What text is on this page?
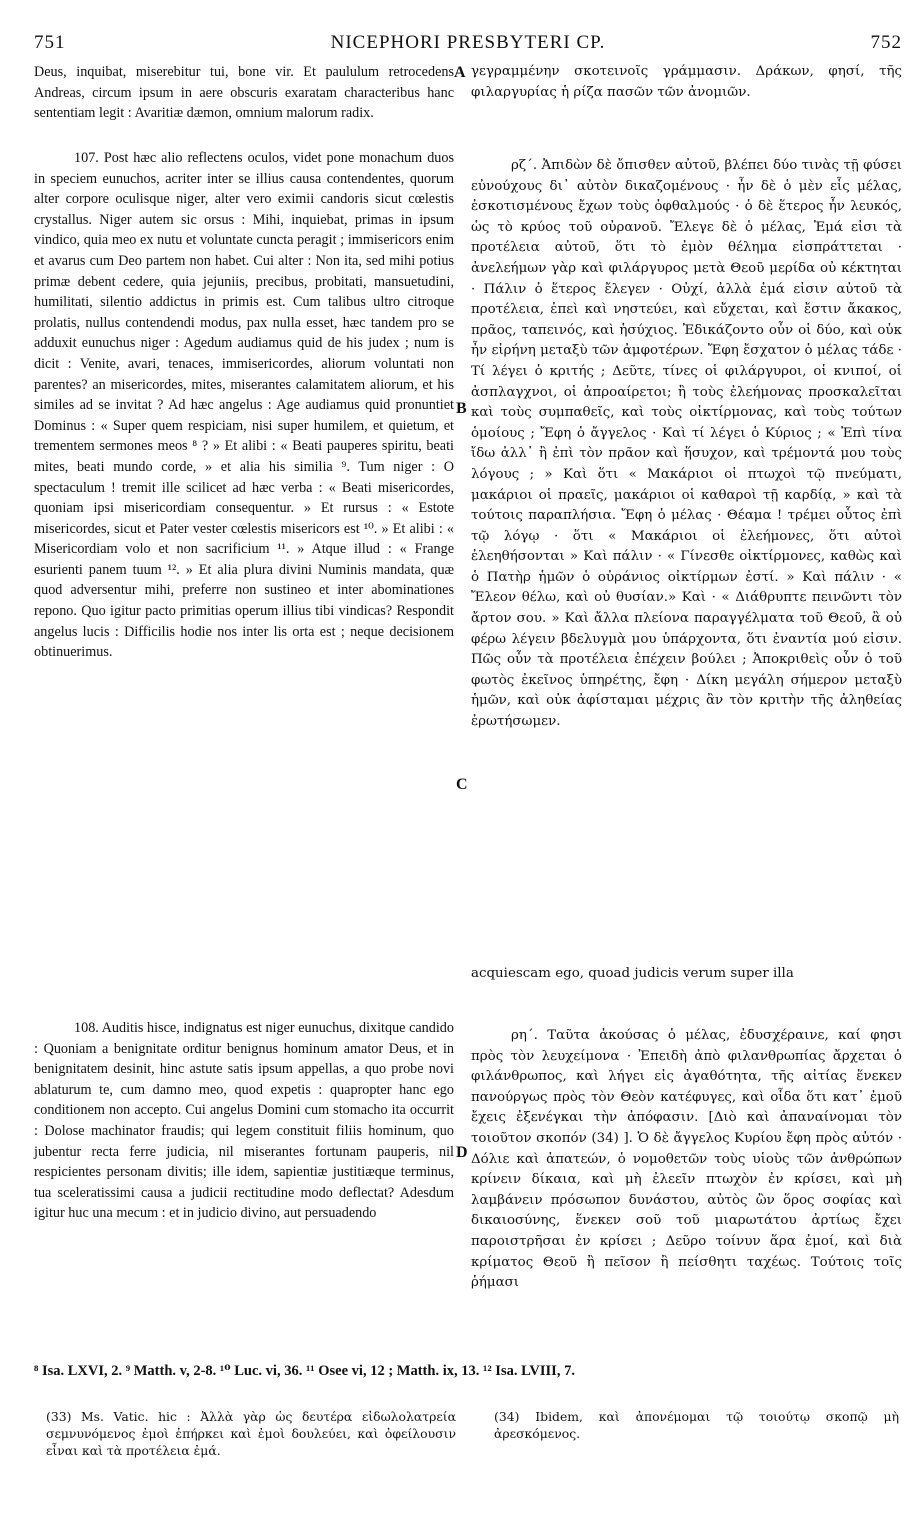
751	NICEPHORI PRESBYTERI CP.	752

Deus, inquibat, miserebitur tui, bone vir. Et paululum retrocedens Andreas, circum ipsum in aere obscuris exaratam characteribus hanc sententiam legit : Avaritiæ dæmon, omnium malorum radix.

γεγραμμένην σκοτεινοῖς γράμμασιν. Δράκων, φησί, τῆς φιλαργυρίας ἡ ρίζα πασῶν τῶν ἀνομιῶν.

A

107. Post hæc alio reflectens oculos, videt pone monachum duos in speciem eunuchos, acriter inter se illius causa contendentes, quorum alter corpore oculisque niger, alter vero eximii candoris sicut cœlestis crystallus. Niger autem sic orsus : Mihi, inquiebat, primas in ipsum vindico, quia meo ex nutu et voluntate cuncta peragit ; immisericors enim et avarus cum Deo partem non habet. Cui alter : Non ita, sed mihi potius primæ debent cedere, quia jejuniis, precibus, probitati, mansuetudini, humilitati, silentio addictus in primis est. Cum talibus ultro citroque prolatis, nullus contendendi modus, pax nulla esset, hæc tandem pro se adduxit eunuchus niger : Agedum audiamus quid de his judex ; num is dicit : Venite, avari, tenaces, immisericordes, aliorum voluntati non parentes? an misericordes, mites, miserantes calamitatem aliorum, et his similes ad se invitat ? Ad hæc angelus : Age audiamus quid pronuntiet Dominus : « Super quem respiciam, nisi super humilem, et quietum, et trementem sermones meos ⁸ ? » Et alibi : « Beati pauperes spiritu, beati mites, beati mundo corde, » et alia his similia ⁹. Tum niger : O spectaculum ! tremit ille scilicet ad hæc verba : « Beati misericordes, quoniam ipsi misericordiam consequentur. » Et rursus : « Estote misericordes, sicut et Pater vester cœlestis misericors est ¹⁰. » Et alibi : « Misericordiam volo et non sacrificium ¹¹. » Atque illud : « Frange esurienti panem tuum ¹². » Et alia plura divini Numinis mandata, quæ quod adversentur mihi, preferre non sustineo et inter abominationes repono. Quo igitur pacto primitias operum illius tibi vindicas? Respondit angelus lucis : Difficilis hodie nos inter lis orta est ; neque decisionem obtinuerimus.

ρζ΄. Ἀπιδὼν δὲ ὄπισθεν αὐτοῦ, βλέπει δύο τινὰς τῇ φύσει εὐνούχους δι᾽ αὐτὸν δικαζομένους · ἦν δὲ ὁ μὲν εἷς μέλας, ἐσκοτισμένους ἔχων τοὺς ὀφθαλμούς · ὁ δὲ ἕτερος ἦν λευκός, ὡς τὸ κρύος τοῦ οὐρανοῦ. Ἔλεγε δὲ ὁ μέλας, Ἐμά εἰσι τὰ προτέλεια αὐτοῦ, ὅτι τὸ ἐμὸν θέλημα εἰσπράττεται · ἀνελεήμων γὰρ καὶ φιλάργυρος μετὰ Θεοῦ μερίδα οὐ κέκτηται · Πάλιν ὁ ἕτερος ἔλεγεν · Οὐχί, ἀλλὰ ἐμά εἰσιν αὐτοῦ τὰ προτέλεια, ἐπεὶ καὶ νηστεύει, καὶ εὔχεται, καὶ ἔστιν ἄκακος, πρᾶος, ταπεινός, καὶ ἡσύχιος. Ἐδικάζοντο οὖν οἱ δύο, καὶ οὐκ ἦν εἰρήνη μεταξὺ τῶν ἀμφοτέρων. Ἔφη ἔσχατον ὁ μέλας τάδε · Τί λέγει ὁ κριτής ; Δεῦτε, τίνες οἱ φιλάργυροι, οἱ κνιποί, οἱ ἀσπλαγχνοι, οἱ ἀπροαίρετοι; ἢ τοὺς ἐλεήμονας προσκαλεῖται καὶ τοὺς συμπαθεῖς, καὶ τοὺς οἰκτίρμονας, καὶ τοὺς τούτων ὁμοίους ; Ἔφη ὁ ἄγγελος · Καὶ τί λέγει ὁ Κύριος ; « Ἐπὶ τίνα ἴδω ἀλλ᾽ ἢ ἐπὶ τὸν πρᾶον καὶ ἥσυχον, καὶ τρέμοντά μου τοὺς λόγους ; » Καὶ ὅτι « Μακάριοι οἱ πτωχοὶ τῷ πνεύματι, μακάριοι οἱ πραεῖς, μακάριοι οἱ καθαροὶ τῇ καρδίᾳ, » καὶ τὰ τούτοις παραπλήσια. Ἔφη ὁ μέλας · Θέαμα ! τρέμει οὗτος ἐπὶ τῷ λόγῳ · ὅτι « Μακάριοι οἱ ἐλεήμονες, ὅτι αὐτοὶ ἐλεηθήσονται » Καὶ πάλιν · « Γίνεσθε οἰκτίρμονες, καθὼς καὶ ὁ Πατὴρ ἡμῶν ὁ οὐράνιος οἰκτίρμων ἐστί. » Καὶ πάλιν · « Ἔλεον θέλω, καὶ οὐ θυσίαν.» Καὶ · « Διάθρυπτε πεινῶντι τὸν ἄρτον σου. » Καὶ ἄλλα πλείονα παραγγέλματα τοῦ Θεοῦ, ἃ οὐ φέρω λέγειν βδελυγμὰ μου ὑπάρχοντα, ὅτι ἐναντία μού εἰσιν. Πῶς οὖν τὰ προτέλεια ἐπέχειν βούλει ; Ἀποκριθεὶς οὖν ὁ τοῦ φωτὸς ἐκεῖνος ὑπηρέτης, ἔφη · Δίκη μεγάλη σήμερον μεταξὺ ἡμῶν, καὶ οὐκ ἀφίσταμαι μέχρις ἂν τὸν κριτὴν τῆς ἀληθείας ἐρωτήσωμεν.

B
C

acquiescam ego, quoad judicis verum super illa

108. Auditis hisce, indignatus est niger eunuchus, dixitque candido : Quoniam a benignitate orditur benignus hominum amator Deus, et in benignitatem desinit, hinc astute satis ipsum appellas, a quo probe novi ablaturum te, cum damno meo, quod expetis : quapropter hanc ego conditionem non accepto. Cui angelus Domini cum stomacho ita occurrit : Dolose machinator fraudis; qui legem constituit filiis hominum, quo jubentur recta ferre judicia, nil miserantes fortunam pauperis, nil respicientes personam divitis; ille idem, sapientiæ justitiæque terminus, tua sceleratissimi causa a judicii rectitudine modo deflectat? Adesdum igitur huc una mecum : et in judicio divino, aut persuadendo

ρη΄. Ταῦτα ἀκούσας ὁ μέλας, ἐδυσχέραινε, καί φησι πρὸς τὸν λευχείμονα · Ἐπειδὴ ἀπὸ φιλανθρωπίας ἄρχεται ὁ φιλάνθρωπος, καὶ λήγει εἰς ἀγαθότητα, τῆς αἰτίας ἕνεκεν πανούργως πρὸς τὸν Θεὸν κατέφυγες, καὶ οἶδα ὅτι κατ᾽ ἐμοῦ ἔχεις ἐξενέγκαι τὴν ἀπόφασιν. [Διὸ καὶ ἀπαναίνομαι τὸν τοιοῦτον σκοπόν (34) ]. Ὁ δὲ ἄγγελος Κυρίου ἔφη πρὸς αὐτόν · Δόλιε καὶ ἀπατεών, ὁ νομοθετῶν τοὺς υἱοὺς τῶν ἀνθρώπων κρίνειν δίκαια, καὶ μὴ ἐλεεῖν πτωχὸν ἐν κρίσει, καὶ μὴ λαμβάνειν πρόσωπον δυνάστου, αὐτὸς ὢν ὅρος σοφίας καὶ δικαιοσύνης, ἕνεκεν σοῦ τοῦ μιαρωτάτου ἀρτίως ἔχει παροιστρῆσαι ἐν κρίσει ; Δεῦρο τοίνυν ἅρα ἐμοί, καὶ διὰ κρίματος Θεοῦ ἢ πεῖσον ἢ πείσθητι ταχέως. Τούτοις τοῖς ῥήμασι

D
⁸ Isa. LXVI, 2. ⁹ Matth. v, 2-8. ¹⁰ Luc. vi, 36. ¹¹ Osee vi, 12 ; Matth. ix, 13. ¹² Isa. LVIII, 7.
(33) Ms. Vatic. hic : Ἀλλὰ γὰρ ὡς δευτέρα εἰδωλολατρεία σεμνυνόμενος ἐμοὶ ἐπήρκει καὶ ἐμοὶ δουλεύει, καὶ ὀφείλουσιν εἶναι καὶ τὰ προτέλεια ἐμά.
(34) Ibidem, καὶ ἀπονέμομαι τῷ τοιούτῳ σκοπῷ μὴ ἀρεσκόμενος.
